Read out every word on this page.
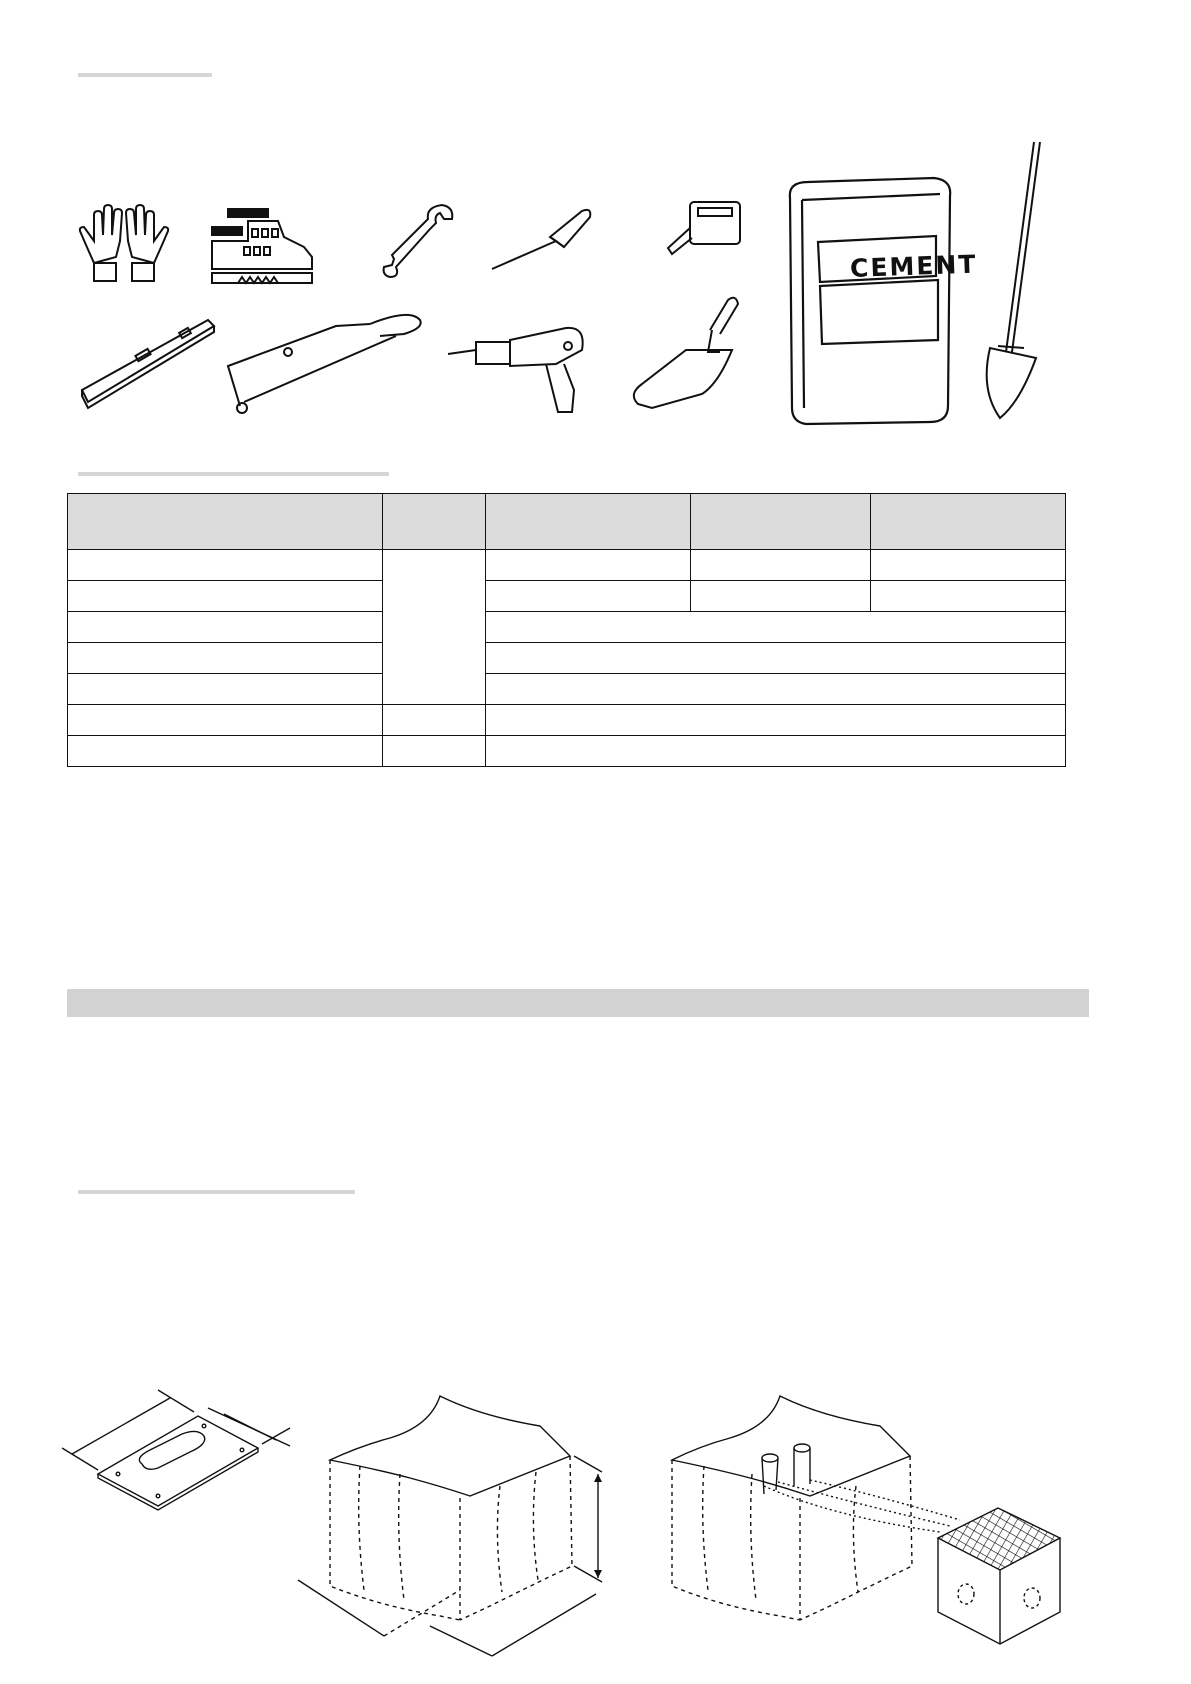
CEMENT
